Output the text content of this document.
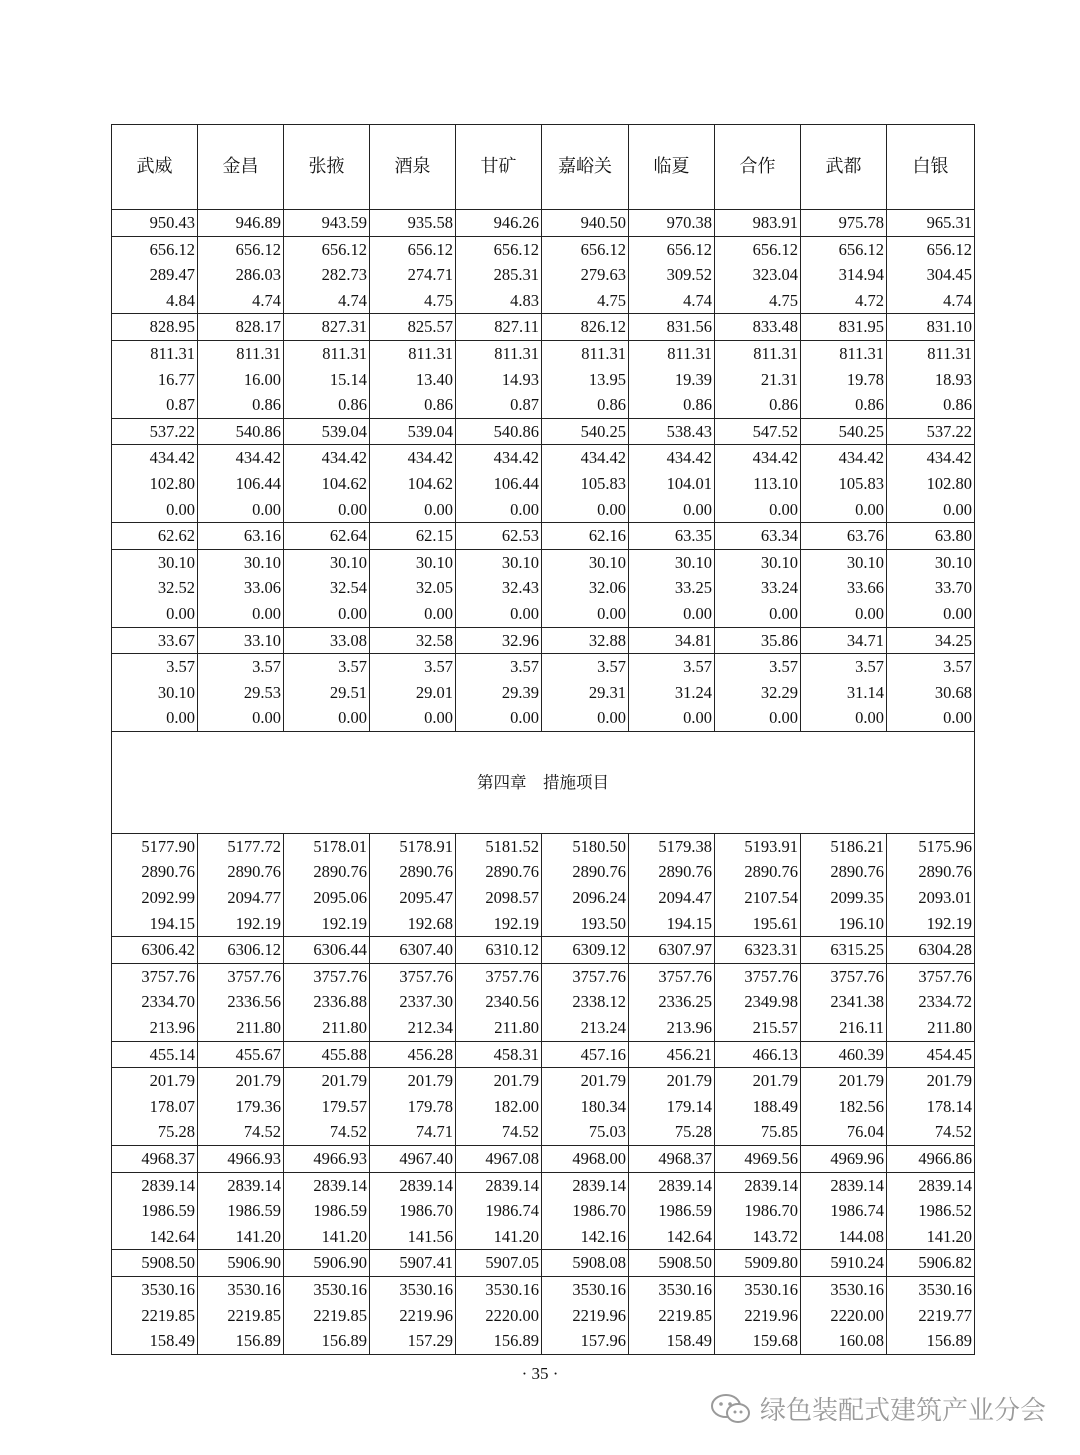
武威	金昌	张掖	酒泉	甘矿	嘉峪关	临夏	合作	武都	白银
950.43	946.89	943.59	935.58	946.26	940.50	970.38	983.91	975.78	965.31
656.12	656.12	656.12	656.12	656.12	656.12	656.12	656.12	656.12	656.12
289.47	286.03	282.73	274.71	285.31	279.63	309.52	323.04	314.94	304.45
4.84	4.74	4.74	4.75	4.83	4.75	4.74	4.75	4.72	4.74
828.95	828.17	827.31	825.57	827.11	826.12	831.56	833.48	831.95	831.10
811.31	811.31	811.31	811.31	811.31	811.31	811.31	811.31	811.31	811.31
16.77	16.00	15.14	13.40	14.93	13.95	19.39	21.31	19.78	18.93
0.87	0.86	0.86	0.86	0.87	0.86	0.86	0.86	0.86	0.86
537.22	540.86	539.04	539.04	540.86	540.25	538.43	547.52	540.25	537.22
434.42	434.42	434.42	434.42	434.42	434.42	434.42	434.42	434.42	434.42
102.80	106.44	104.62	104.62	106.44	105.83	104.01	113.10	105.83	102.80
0.00	0.00	0.00	0.00	0.00	0.00	0.00	0.00	0.00	0.00
62.62	63.16	62.64	62.15	62.53	62.16	63.35	63.34	63.76	63.80
30.10	30.10	30.10	30.10	30.10	30.10	30.10	30.10	30.10	30.10
32.52	33.06	32.54	32.05	32.43	32.06	33.25	33.24	33.66	33.70
0.00	0.00	0.00	0.00	0.00	0.00	0.00	0.00	0.00	0.00
33.67	33.10	33.08	32.58	32.96	32.88	34.81	35.86	34.71	34.25
3.57	3.57	3.57	3.57	3.57	3.57	3.57	3.57	3.57	3.57
30.10	29.53	29.51	29.01	29.39	29.31	31.24	32.29	31.14	30.68
0.00	0.00	0.00	0.00	0.00	0.00	0.00	0.00	0.00	0.00
第四章　措施项目									
5177.90	5177.72	5178.01	5178.91	5181.52	5180.50	5179.38	5193.91	5186.21	5175.96
2890.76	2890.76	2890.76	2890.76	2890.76	2890.76	2890.76	2890.76	2890.76	2890.76
2092.99	2094.77	2095.06	2095.47	2098.57	2096.24	2094.47	2107.54	2099.35	2093.01
194.15	192.19	192.19	192.68	192.19	193.50	194.15	195.61	196.10	192.19
6306.42	6306.12	6306.44	6307.40	6310.12	6309.12	6307.97	6323.31	6315.25	6304.28
3757.76	3757.76	3757.76	3757.76	3757.76	3757.76	3757.76	3757.76	3757.76	3757.76
2334.70	2336.56	2336.88	2337.30	2340.56	2338.12	2336.25	2349.98	2341.38	2334.72
213.96	211.80	211.80	212.34	211.80	213.24	213.96	215.57	216.11	211.80
455.14	455.67	455.88	456.28	458.31	457.16	456.21	466.13	460.39	454.45
201.79	201.79	201.79	201.79	201.79	201.79	201.79	201.79	201.79	201.79
178.07	179.36	179.57	179.78	182.00	180.34	179.14	188.49	182.56	178.14
75.28	74.52	74.52	74.71	74.52	75.03	75.28	75.85	76.04	74.52
4968.37	4966.93	4966.93	4967.40	4967.08	4968.00	4968.37	4969.56	4969.96	4966.86
2839.14	2839.14	2839.14	2839.14	2839.14	2839.14	2839.14	2839.14	2839.14	2839.14
1986.59	1986.59	1986.59	1986.70	1986.74	1986.70	1986.59	1986.70	1986.74	1986.52
142.64	141.20	141.20	141.56	141.20	142.16	142.64	143.72	144.08	141.20
5908.50	5906.90	5906.90	5907.41	5907.05	5908.08	5908.50	5909.80	5910.24	5906.82
3530.16	3530.16	3530.16	3530.16	3530.16	3530.16	3530.16	3530.16	3530.16	3530.16
2219.85	2219.85	2219.85	2219.96	2220.00	2219.96	2219.85	2219.96	2220.00	2219.77
158.49	156.89	156.89	157.29	156.89	157.96	158.49	159.68	160.08	156.89
· 35 ·
绿色装配式建筑产业分会
